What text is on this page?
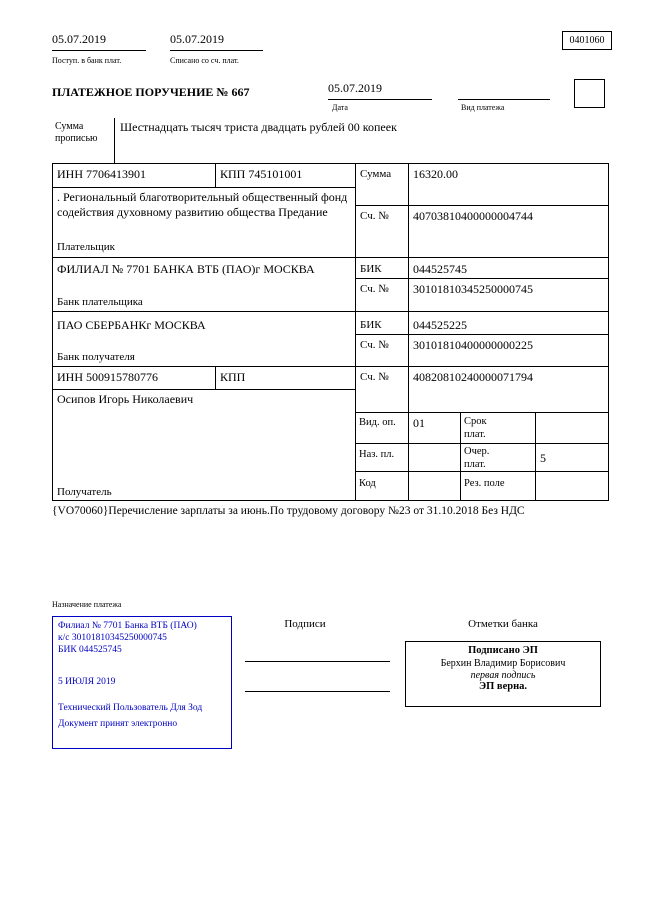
05.07.2019	05.07.2019
Поступ. в банк плат.	Списано со сч. плат.
0401060
ПЛАТЕЖНОЕ ПОРУЧЕНИЕ № 667	05.07.2019
Дата	Вид платежа
Сумма прописью
Шестнадцать тысяч триста двадцать рублей 00 копеек
ИНН 7706413901	КПП 745101001	Сумма 16320.00
. Региональный благотворительный общественный фонд содействия духовному развитию общества Предание	Сч. № 40703810400000004744
Плательщик
ФИЛИАЛ № 7701 БАНКА ВТБ (ПАО)г МОСКВА	БИК	044525745
Сч. № 30101810345250000745
Банк плательщика
ПАО СБЕРБАНКг МОСКВА	БИК	044525225
Сч. № 30101810400000000225
Банк получателя
ИНН 500915780776	КПП	Сч. № 40820810240000071794
Осипов Игорь Николаевич
Вид. оп. 01	Срок плат.
Наз. пл.	Очер. плат.	5
Код	Рез. поле
Получатель
{VO70060}Перечисление зарплаты за июнь.По трудовому договору №23 от 31.10.2018 Без НДС
Назначение платежа
Филиал № 7701 Банка ВТБ (ПАО)
к/с 30101810345250000745
БИК 044525745
5 ИЮЛЯ 2019
Технический Пользователь Для Зод
Документ принят электронно
Подписи	Отметки банка
Подписано ЭП
Берхин Владимир Борисович
первая подпись
ЭП верна.
